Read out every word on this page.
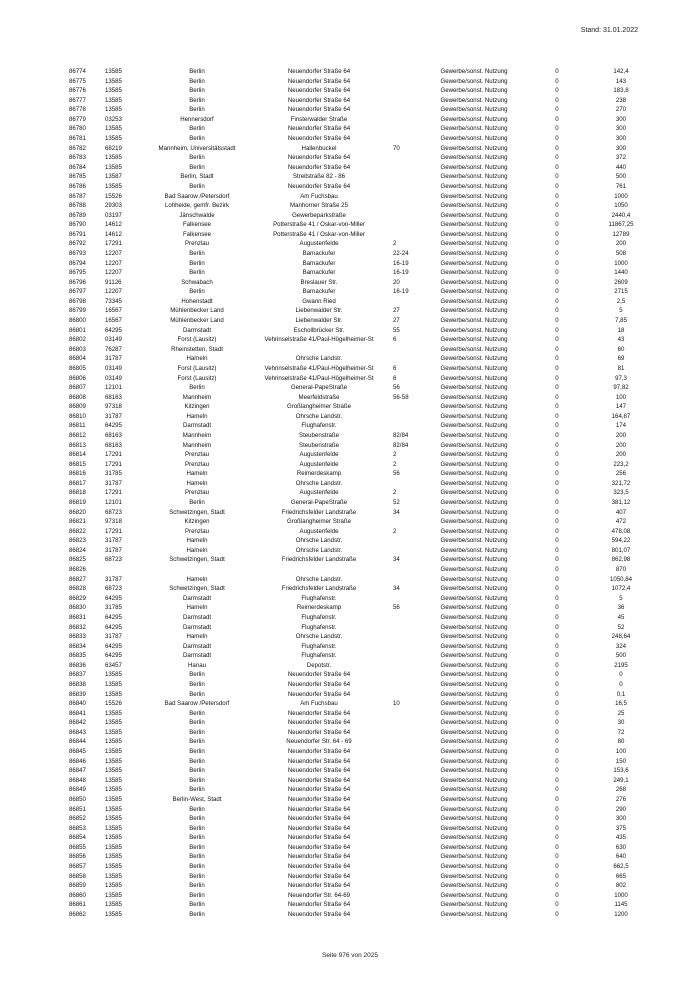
Stand: 31.01.2022
86774	13585	Berlin	Neuendorfer Straße 64		Gewerbe/sonst. Nutzung	0	142,4
86775	13585	Berlin	Neuendorfer Straße 64		Gewerbe/sonst. Nutzung	0	143
86776	13585	Berlin	Neuendorfer Straße 64		Gewerbe/sonst. Nutzung	0	183,8
86777	13585	Berlin	Neuendorfer Straße 64		Gewerbe/sonst. Nutzung	0	238
86778	13585	Berlin	Neuendorfer Straße 64		Gewerbe/sonst. Nutzung	0	270
86779	03253	Hennersdorf	Finsterwalder Straße		Gewerbe/sonst. Nutzung	0	300
86780	13585	Berlin	Neuendorfer Straße 64		Gewerbe/sonst. Nutzung	0	300
86781	13585	Berlin	Neuendorfer Straße 64		Gewerbe/sonst. Nutzung	0	300
86782	68219	Mannheim, Universitätsstadt	Hallenbuckel	70	Gewerbe/sonst. Nutzung	0	300
86783	13585	Berlin	Neuendorfer Straße 64		Gewerbe/sonst. Nutzung	0	372
86784	13585	Berlin	Neuendorfer Straße 64		Gewerbe/sonst. Nutzung	0	440
86785	13587	Berlin, Stadt	Streitstraße 82 - 86		Gewerbe/sonst. Nutzung	0	500
86786	13585	Berlin	Neuendorfer Straße 64		Gewerbe/sonst. Nutzung	0	761
86787	15526	Bad Saarow /Petersdorf	Am Fuchsbau		Gewerbe/sonst. Nutzung	0	1000
86788	29303	Lohheide, gemfr. Bezirk	Manhorner Straße 25		Gewerbe/sonst. Nutzung	0	1050
86789	03197	Jänschwalde	Gewerbeparkstraße		Gewerbe/sonst. Nutzung	0	2440,4
86790	14612	Falkensee	Potterstraße 41 / Oskar-von-Miller		Gewerbe/sonst. Nutzung	0	11867,25
86791	14612	Falkensee	Potterstraße 41 / Oskar-von-Miller		Gewerbe/sonst. Nutzung	0	12789
86792	17291	Prenzlau	Augustenfelde	2	Gewerbe/sonst. Nutzung	0	200
86793	12207	Berlin	Barnackufer	22-24	Gewerbe/sonst. Nutzung	0	508
86794	12207	Berlin	Barnackufer	16-19	Gewerbe/sonst. Nutzung	0	1000
86795	12207	Berlin	Barnackufer	16-19	Gewerbe/sonst. Nutzung	0	1440
86796	91126	Schwabach	Breslauer Str.	20	Gewerbe/sonst. Nutzung	0	2609
86797	12207	Berlin	Barnackufer	16-19	Gewerbe/sonst. Nutzung	0	2715
86798	73345	Hohenstadt	Gwann Ried		Gewerbe/sonst. Nutzung	0	2,5
86799	16567	Mühlenbecker Land	Liebenwalder Str.	27	Gewerbe/sonst. Nutzung	0	5
86800	16567	Mühlenbecker Land	Liebenwalder Str.	27	Gewerbe/sonst. Nutzung	0	7,85
86801	64295	Darmstadt	Eschollbrücker Str.	55	Gewerbe/sonst. Nutzung	0	18
86802	03149	Forst (Lausitz)	Vehrinselstraße 41/Paul-Högelheimer-St	6	Gewerbe/sonst. Nutzung	0	43
86803	76287	Rheinstetten, Stadt			Gewerbe/sonst. Nutzung	0	60
86804	31787	Hameln	Ohrsche Landstr.		Gewerbe/sonst. Nutzung	0	69
86805	03149	Forst (Lausitz)	Vehrinselstraße 41/Paul-Högelheimer-St	6	Gewerbe/sonst. Nutzung	0	81
86806	03149	Forst (Lausitz)	Vehrinselstraße 41/Paul-Högelheimer-St	6	Gewerbe/sonst. Nutzung	0	97,3
86807	12101	Berlin	General-PapeStraße	56	Gewerbe/sonst. Nutzung	0	97,82
86808	68163	Mannheim	Meerfeldstraße	56-58	Gewerbe/sonst. Nutzung	0	100
86809	97318	Kitzingen	Großlangheimer Straße		Gewerbe/sonst. Nutzung	0	147
86810	31787	Hameln	Ohrsche Landstr.		Gewerbe/sonst. Nutzung	0	164,87
86811	64295	Darmstadt	Flughafenstr.		Gewerbe/sonst. Nutzung	0	174
86812	68163	Mannheim	Steubenstraße	82/84	Gewerbe/sonst. Nutzung	0	200
86813	68163	Mannheim	Steubenstraße	82/84	Gewerbe/sonst. Nutzung	0	200
86814	17291	Prenzlau	Augustenfelde	2	Gewerbe/sonst. Nutzung	0	200
86815	17291	Prenzlau	Augustenfelde	2	Gewerbe/sonst. Nutzung	0	223,2
86816	31785	Hameln	Reimerdeskamp	56	Gewerbe/sonst. Nutzung	0	256
86817	31787	Hameln	Ohrsche Landstr.		Gewerbe/sonst. Nutzung	0	321,72
86818	17291	Prenzlau	Augustenfelde	2	Gewerbe/sonst. Nutzung	0	323,5
86819	12101	Berlin	General-PapeStraße	52	Gewerbe/sonst. Nutzung	0	381,12
86820	68723	Schwetzingen, Stadt	Friedrichsfelder Landstraße	34	Gewerbe/sonst. Nutzung	0	407
86821	97318	Kitzingen	Großlangheimer Straße		Gewerbe/sonst. Nutzung	0	472
86822	17291	Prenzlau	Augustenfelde	2	Gewerbe/sonst. Nutzung	0	478,08
86823	31787	Hameln	Ohrsche Landstr.		Gewerbe/sonst. Nutzung	0	594,22
86824	31787	Hameln	Ohrsche Landstr.		Gewerbe/sonst. Nutzung	0	801,07
86825	68723	Schwetzingen, Stadt	Friedrichsfelder Landstraße	34	Gewerbe/sonst. Nutzung	0	862,98
86826					Gewerbe/sonst. Nutzung	0	870
86827	31787	Hameln	Ohrsche Landstr.		Gewerbe/sonst. Nutzung	0	1050,84
86828	68723	Schwetzingen, Stadt	Friedrichsfelder Landstraße	34	Gewerbe/sonst. Nutzung	0	1072,4
86829	64295	Darmstadt	Flughafenstr.		Gewerbe/sonst. Nutzung	0	5
86830	31785	Hameln	Reimerdeskamp	56	Gewerbe/sonst. Nutzung	0	36
86831	64295	Darmstadt	Flughafenstr.		Gewerbe/sonst. Nutzung	0	45
86832	64295	Darmstadt	Flughafenstr.		Gewerbe/sonst. Nutzung	0	52
86833	31787	Hameln	Ohrsche Landstr.		Gewerbe/sonst. Nutzung	0	248,64
86834	64295	Darmstadt	Flughafenstr.		Gewerbe/sonst. Nutzung	0	324
86835	64295	Darmstadt	Flughafenstr.		Gewerbe/sonst. Nutzung	0	500
86836	63457	Hanau	Depotstr.		Gewerbe/sonst. Nutzung	0	2195
86837	13585	Berlin	Neuendorfer Straße 64		Gewerbe/sonst. Nutzung	0	0
86838	13585	Berlin	Neuendorfer Straße 64		Gewerbe/sonst. Nutzung	0	0
86839	13585	Berlin	Neuendorfer Straße 64		Gewerbe/sonst. Nutzung	0	0,1
86840	15526	Bad Saarow /Petersdorf	Am Fuchsbau	10	Gewerbe/sonst. Nutzung	0	16,5
86841	13585	Berlin	Neuendorfer Straße 64		Gewerbe/sonst. Nutzung	0	25
86842	13585	Berlin	Neuendorfer Straße 64		Gewerbe/sonst. Nutzung	0	30
86843	13585	Berlin	Neuendorfer Straße 64		Gewerbe/sonst. Nutzung	0	72
86844	13585	Berlin	Neuendorfer Str. 64 - 69		Gewerbe/sonst. Nutzung	0	80
86845	13585	Berlin	Neuendorfer Straße 64		Gewerbe/sonst. Nutzung	0	100
86846	13585	Berlin	Neuendorfer Straße 64		Gewerbe/sonst. Nutzung	0	150
86847	13585	Berlin	Neuendorfer Straße 64		Gewerbe/sonst. Nutzung	0	153,6
86848	13585	Berlin	Neuendorfer Straße 64		Gewerbe/sonst. Nutzung	0	249,1
86849	13585	Berlin	Neuendorfer Straße 64		Gewerbe/sonst. Nutzung	0	268
86850	13585	Berlin-West, Stadt	Neuendorfer Straße 64		Gewerbe/sonst. Nutzung	0	276
86851	13585	Berlin	Neuendorfer Straße 64		Gewerbe/sonst. Nutzung	0	290
86852	13585	Berlin	Neuendorfer Straße 64		Gewerbe/sonst. Nutzung	0	300
86853	13585	Berlin	Neuendorfer Straße 64		Gewerbe/sonst. Nutzung	0	375
86854	13585	Berlin	Neuendorfer Straße 64		Gewerbe/sonst. Nutzung	0	435
86855	13585	Berlin	Neuendorfer Straße 64		Gewerbe/sonst. Nutzung	0	630
86856	13585	Berlin	Neuendorfer Straße 64		Gewerbe/sonst. Nutzung	0	640
86857	13585	Berlin	Neuendorfer Straße 64		Gewerbe/sonst. Nutzung	0	662,5
86858	13585	Berlin	Neuendorfer Straße 64		Gewerbe/sonst. Nutzung	0	665
86859	13585	Berlin	Neuendorfer Straße 64		Gewerbe/sonst. Nutzung	0	802
86860	13585	Berlin	Neuendorfer Str. 64-69		Gewerbe/sonst. Nutzung	0	1000
86861	13585	Berlin	Neuendorfer Straße 64		Gewerbe/sonst. Nutzung	0	1145
86862	13585	Berlin	Neuendorfer Straße 64		Gewerbe/sonst. Nutzung	0	1200
Seite 976 von 2025
